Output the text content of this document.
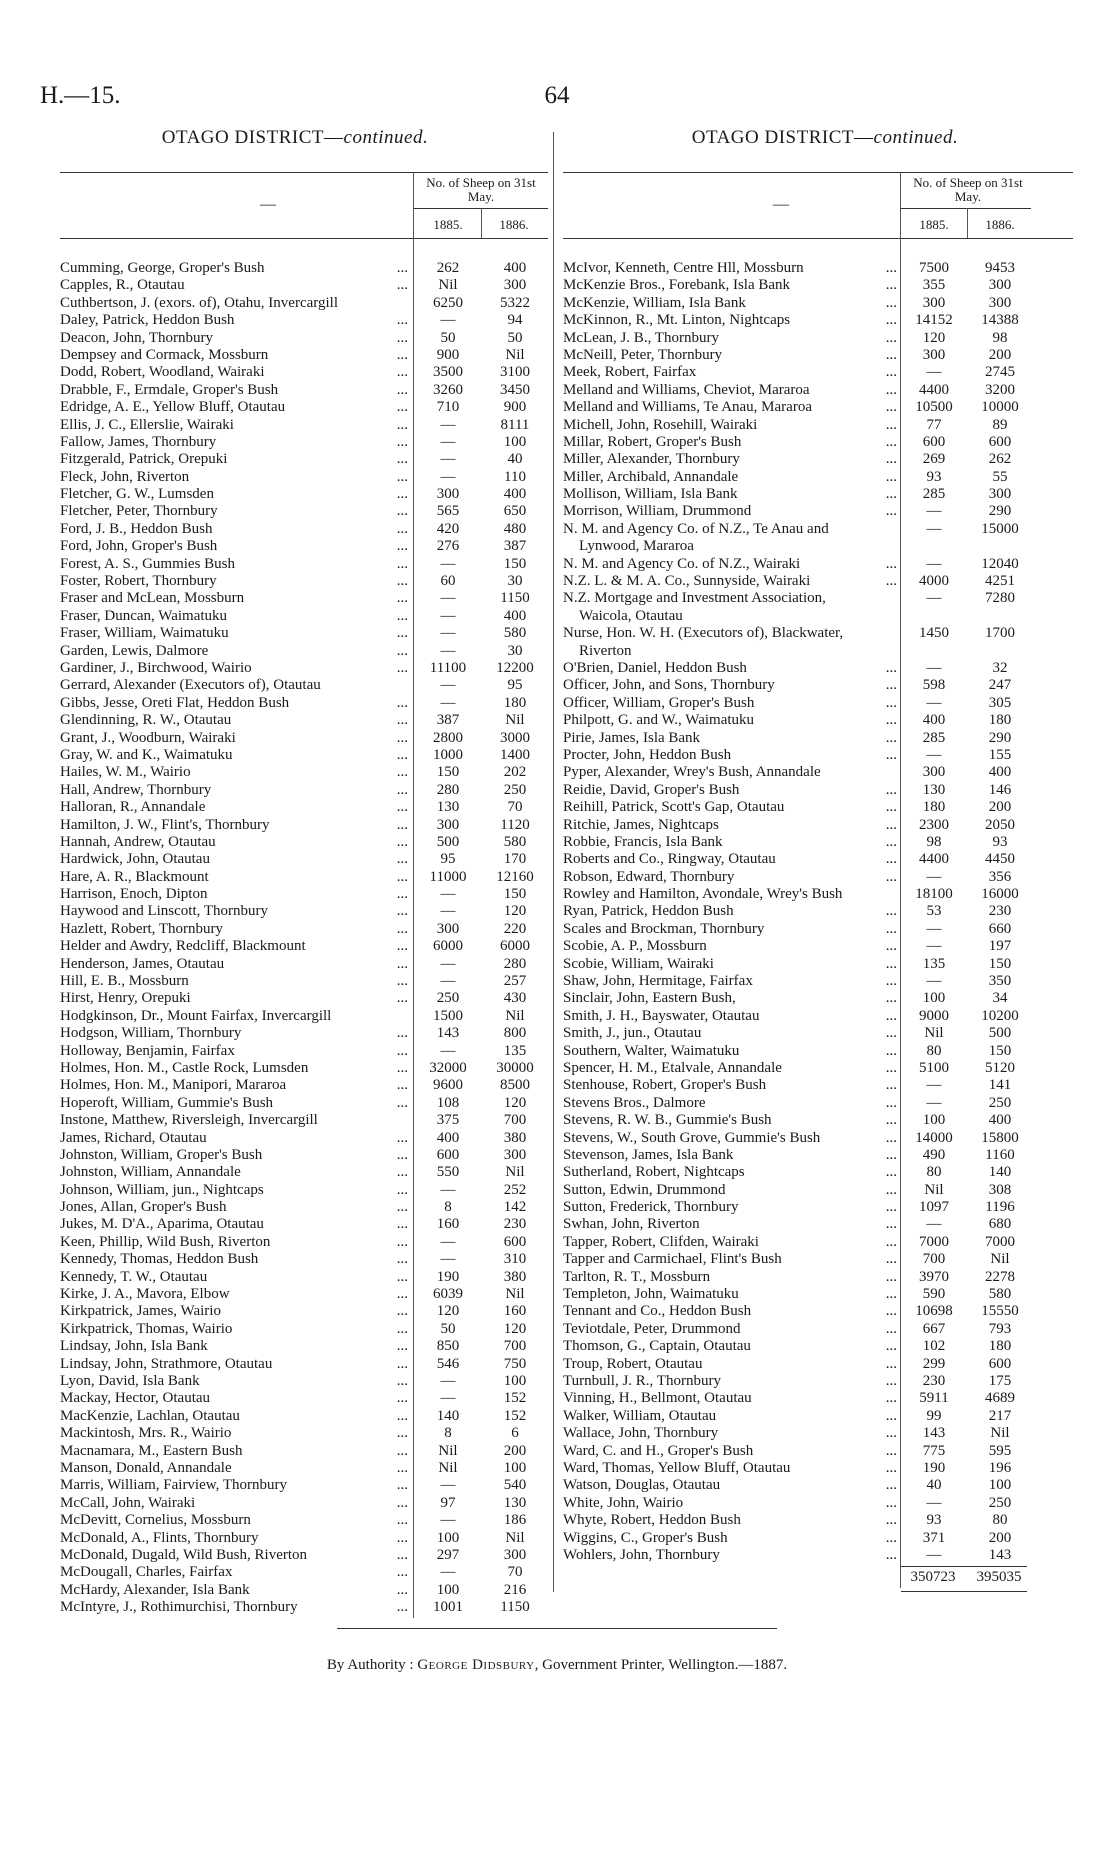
H.—15.	64
OTAGO DISTRICT—continued.	OTAGO DISTRICT—continued.
—
No. of Sheep on 31st May.
1885.	1886.
Cumming, George, Groper's Bush	...	262	400
Capples, R., Otautau	...	Nil	300
Cuthbertson, J. (exors. of), Otahu, Invercargill	6250	5322
Daley, Patrick, Heddon Bush	...	—	94
Deacon, John, Thornbury	...	50	50
Dempsey and Cormack, Mossburn	...	900	Nil
Dodd, Robert, Woodland, Wairaki	...	3500	3100
Drabble, F., Ermdale, Groper's Bush	...	3260	3450
Edridge, A. E., Yellow Bluff, Otautau	...	710	900
Ellis, J. C., Ellerslie, Wairaki	...	—	8111
Fallow, James, Thornbury	...	—	100
Fitzgerald, Patrick, Orepuki	...	—	40
Fleck, John, Riverton	...	—	110
Fletcher, G. W., Lumsden	...	300	400
Fletcher, Peter, Thornbury	...	565	650
Ford, J. B., Heddon Bush	...	420	480
Ford, John, Groper's Bush	...	276	387
Forest, A. S., Gummies Bush	...	—	150
Foster, Robert, Thornbury	...	60	30
Fraser and McLean, Mossburn	...	—	1150
Fraser, Duncan, Waimatuku	...	—	400
Fraser, William, Waimatuku	...	—	580
Garden, Lewis, Dalmore	...	—	30
Gardiner, J., Birchwood, Wairio	...	11100	12200
Gerrard, Alexander (Executors of), Otautau	—	95
Gibbs, Jesse, Oreti Flat, Heddon Bush	...	—	180
Glendinning, R. W., Otautau	...	387	Nil
Grant, J., Woodburn, Wairaki	...	2800	3000
Gray, W. and K., Waimatuku	...	1000	1400
Hailes, W. M., Wairio	...	150	202
Hall, Andrew, Thornbury	...	280	250
Halloran, R., Annandale	...	130	70
Hamilton, J. W., Flint's, Thornbury	...	300	1120
Hannah, Andrew, Otautau	...	500	580
Hardwick, John, Otautau	...	95	170
Hare, A. R., Blackmount	...	11000	12160
Harrison, Enoch, Dipton	...	—	150
Haywood and Linscott, Thornbury	...	—	120
Hazlett, Robert, Thornbury	...	300	220
Helder and Awdry, Redcliff, Blackmount	...	6000	6000
Henderson, James, Otautau	...	—	280
Hill, E. B., Mossburn	...	—	257
Hirst, Henry, Orepuki	...	250	430
Hodgkinson, Dr., Mount Fairfax, Invercargill	1500	Nil
Hodgson, William, Thornbury	...	143	800
Holloway, Benjamin, Fairfax	...	—	135
Holmes, Hon. M., Castle Rock, Lumsden	...	32000	30000
Holmes, Hon. M., Manipori, Mararoa	...	9600	8500
Hoperoft, William, Gummie's Bush	...	108	120
Instone, Matthew, Riversleigh, Invercargill	375	700
James, Richard, Otautau	...	400	380
Johnston, William, Groper's Bush	...	600	300
Johnston, William, Annandale	...	550	Nil
Johnson, William, jun., Nightcaps	...	—	252
Jones, Allan, Groper's Bush	...	8	142
Jukes, M. D'A., Aparima, Otautau	...	160	230
Keen, Phillip, Wild Bush, Riverton	...	—	600
Kennedy, Thomas, Heddon Bush	...	—	310
Kennedy, T. W., Otautau	...	190	380
Kirke, J. A., Mavora, Elbow	...	6039	Nil
Kirkpatrick, James, Wairio	...	120	160
Kirkpatrick, Thomas, Wairio	...	50	120
Lindsay, John, Isla Bank	...	850	700
Lindsay, John, Strathmore, Otautau	...	546	750
Lyon, David, Isla Bank	...	—	100
Mackay, Hector, Otautau	...	—	152
MacKenzie, Lachlan, Otautau	...	140	152
Mackintosh, Mrs. R., Wairio	...	8	6
Macnamara, M., Eastern Bush	...	Nil	200
Manson, Donald, Annandale	...	Nil	100
Marris, William, Fairview, Thornbury	...	—	540
McCall, John, Wairaki	...	97	130
McDevitt, Cornelius, Mossburn	...	—	186
McDonald, A., Flints, Thornbury	...	100	Nil
McDonald, Dugald, Wild Bush, Riverton	...	297	300
McDougall, Charles, Fairfax	...	—	70
McHardy, Alexander, Isla Bank	...	100	216
McIntyre, J., Rothimurchisi, Thornbury	...	1001	1150
—
No. of Sheep on 31st May.
1885.	1886.
McIvor, Kenneth, Centre Hll, Mossburn	...	7500	9453
McKenzie Bros., Forebank, Isla Bank	...	355	300
McKenzie, William, Isla Bank	...	300	300
McKinnon, R., Mt. Linton, Nightcaps	...	14152	14388
McLean, J. B., Thornbury	...	120	98
McNeill, Peter, Thornbury	...	300	200
Meek, Robert, Fairfax	...	—	2745
Melland and Williams, Cheviot, Mararoa	...	4400	3200
Melland and Williams, Te Anau, Mararoa	...	10500	10000
Michell, John, Rosehill, Wairaki	...	77	89
Millar, Robert, Groper's Bush	...	600	600
Miller, Alexander, Thornbury	...	269	262
Miller, Archibald, Annandale	...	93	55
Mollison, William, Isla Bank	...	285	300
Morrison, William, Drummond	...	—	290
N. M. and Agency Co. of N.Z., Te Anau and	—	15000
Lynwood, Mararoa
N. M. and Agency Co. of N.Z., Wairaki	...	—	12040
N.Z. L. & M. A. Co., Sunnyside, Wairaki	...	4000	4251
N.Z. Mortgage and Investment Association,	—	7280
Waicola, Otautau
Nurse, Hon. W. H. (Executors of), Blackwater,	1450	1700
Riverton
O'Brien, Daniel, Heddon Bush	...	—	32
Officer, John, and Sons, Thornbury	...	598	247
Officer, William, Groper's Bush	...	—	305
Philpott, G. and W., Waimatuku	...	400	180
Pirie, James, Isla Bank	...	285	290
Procter, John, Heddon Bush	...	—	155
Pyper, Alexander, Wrey's Bush, Annandale	300	400
Reidie, David, Groper's Bush	...	130	146
Reihill, Patrick, Scott's Gap, Otautau	...	180	200
Ritchie, James, Nightcaps	...	2300	2050
Robbie, Francis, Isla Bank	...	98	93
Roberts and Co., Ringway, Otautau	...	4400	4450
Robson, Edward, Thornbury	...	—	356
Rowley and Hamilton, Avondale, Wrey's Bush	18100	16000
Ryan, Patrick, Heddon Bush	...	53	230
Scales and Brockman, Thornbury	...	—	660
Scobie, A. P., Mossburn	...	—	197
Scobie, William, Wairaki	...	135	150
Shaw, John, Hermitage, Fairfax	...	—	350
Sinclair, John, Eastern Bush,	...	100	34
Smith, J. H., Bayswater, Otautau	...	9000	10200
Smith, J., jun., Otautau	...	Nil	500
Southern, Walter, Waimatuku	...	80	150
Spencer, H. M., Etalvale, Annandale	...	5100	5120
Stenhouse, Robert, Groper's Bush	...	—	141
Stevens Bros., Dalmore	...	—	250
Stevens, R. W. B., Gummie's Bush	...	100	400
Stevens, W., South Grove, Gummie's Bush	...	14000	15800
Stevenson, James, Isla Bank	...	490	1160
Sutherland, Robert, Nightcaps	...	80	140
Sutton, Edwin, Drummond	...	Nil	308
Sutton, Frederick, Thornbury	...	1097	1196
Swhan, John, Riverton	...	—	680
Tapper, Robert, Clifden, Wairaki	...	7000	7000
Tapper and Carmichael, Flint's Bush	...	700	Nil
Tarlton, R. T., Mossburn	...	3970	2278
Templeton, John, Waimatuku	...	590	580
Tennant and Co., Heddon Bush	...	10698	15550
Teviotdale, Peter, Drummond	...	667	793
Thomson, G., Captain, Otautau	...	102	180
Troup, Robert, Otautau	...	299	600
Turnbull, J. R., Thornbury	...	230	175
Vinning, H., Bellmont, Otautau	...	5911	4689
Walker, William, Otautau	...	99	217
Wallace, John, Thornbury	...	143	Nil
Ward, C. and H., Groper's Bush	...	775	595
Ward, Thomas, Yellow Bluff, Otautau	...	190	196
Watson, Douglas, Otautau	...	40	100
White, John, Wairio	...	—	250
Whyte, Robert, Heddon Bush	...	93	80
Wiggins, C., Groper's Bush	...	371	200
Wohlers, John, Thornbury	...	—	143
350723	395035
By Authority : George Didsbury, Government Printer, Wellington.—1887.
